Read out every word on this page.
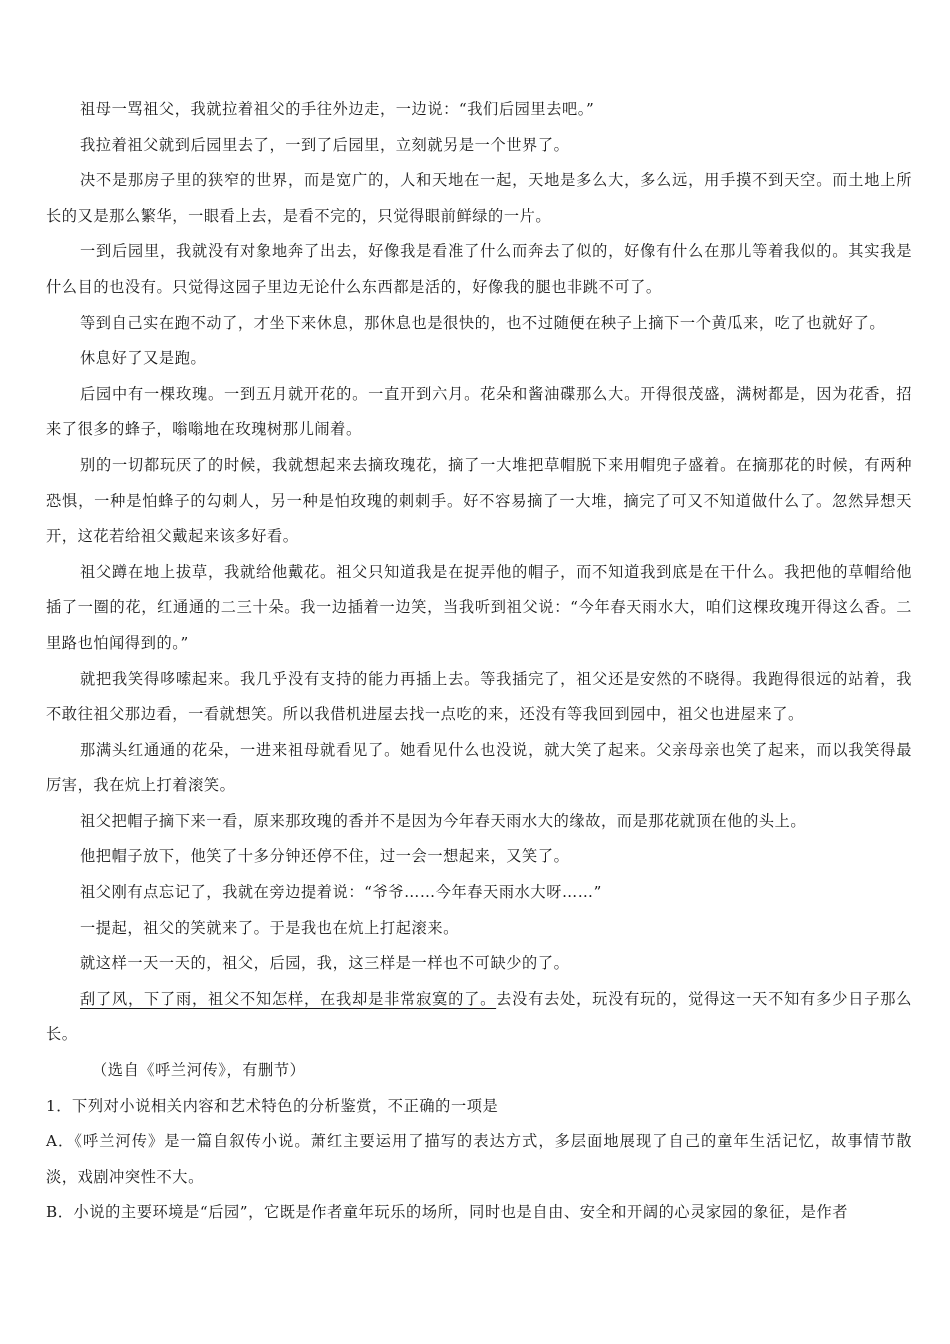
祖母一骂祖父，我就拉着祖父的手往外边走，一边说：“我们后园里去吧。”

我拉着祖父就到后园里去了，一到了后园里，立刻就另是一个世界了。

决不是那房子里的狭窄的世界，而是宽广的，人和天地在一起，天地是多么大，多么远，用手摸不到天空。而土地上所长的又是那么繁华，一眼看上去，是看不完的，只觉得眼前鲜绿的一片。

一到后园里，我就没有对象地奔了出去，好像我是看准了什么而奔去了似的，好像有什么在那儿等着我似的。其实我是什么目的也没有。只觉得这园子里边无论什么东西都是活的，好像我的腿也非跳不可了。

等到自己实在跑不动了，才坐下来休息，那休息也是很快的，也不过随便在秧子上摘下一个黄瓜来，吃了也就好了。

休息好了又是跑。

后园中有一棵玫瑰。一到五月就开花的。一直开到六月。花朵和酱油碟那么大。开得很茂盛，满树都是，因为花香，招来了很多的蜂子，嗡嗡地在玫瑰树那儿闹着。

别的一切都玩厌了的时候，我就想起来去摘玫瑰花，摘了一大堆把草帽脱下来用帽兜子盛着。在摘那花的时候，有两种恐惧，一种是怕蜂子的勾刺人，另一种是怕玫瑰的刺刺手。好不容易摘了一大堆，摘完了可又不知道做什么了。忽然异想天开，这花若给祖父戴起来该多好看。

祖父蹲在地上拔草，我就给他戴花。祖父只知道我是在捉弄他的帽子，而不知道我到底是在干什么。我把他的草帽给他插了一圈的花，红通通的二三十朵。我一边插着一边笑，当我听到祖父说：“今年春天雨水大，咱们这棵玫瑰开得这么香。二里路也怕闻得到的。”

就把我笑得哆嗦起来。我几乎没有支持的能力再插上去。等我插完了，祖父还是安然的不晓得。我跑得很远的站着，我不敢往祖父那边看，一看就想笑。所以我借机进屋去找一点吃的来，还没有等我回到园中，祖父也进屋来了。

那满头红通通的花朵，一进来祖母就看见了。她看见什么也没说，就大笑了起来。父亲母亲也笑了起来，而以我笑得最厉害，我在炕上打着滚笑。

祖父把帽子摘下来一看，原来那玫瑰的香并不是因为今年春天雨水大的缘故，而是那花就顶在他的头上。

他把帽子放下，他笑了十多分钟还停不住，过一会一想起来，又笑了。

祖父刚有点忘记了，我就在旁边提着说：“爷爷……今年春天雨水大呀……”

一提起，祖父的笑就来了。于是我也在炕上打起滚来。

就这样一天一天的，祖父，后园，我，这三样是一样也不可缺少的了。

刮了风，下了雨，祖父不知怎样，在我却是非常寂寞的了。去没有去处，玩没有玩的，觉得这一天不知有多少日子那么长。

（选自《呼兰河传》，有删节）

1．下列对小说相关内容和艺术特色的分析鉴赏，不正确的一项是

A．《呼兰河传》是一篇自叙传小说。萧红主要运用了描写的表达方式，多层面地展现了自己的童年生活记忆，故事情节散淡，戏剧冲突性不大。

B．小说的主要环境是“后园”，它既是作者童年玩乐的场所，同时也是自由、安全和开阔的心灵家园的象征，是作者
